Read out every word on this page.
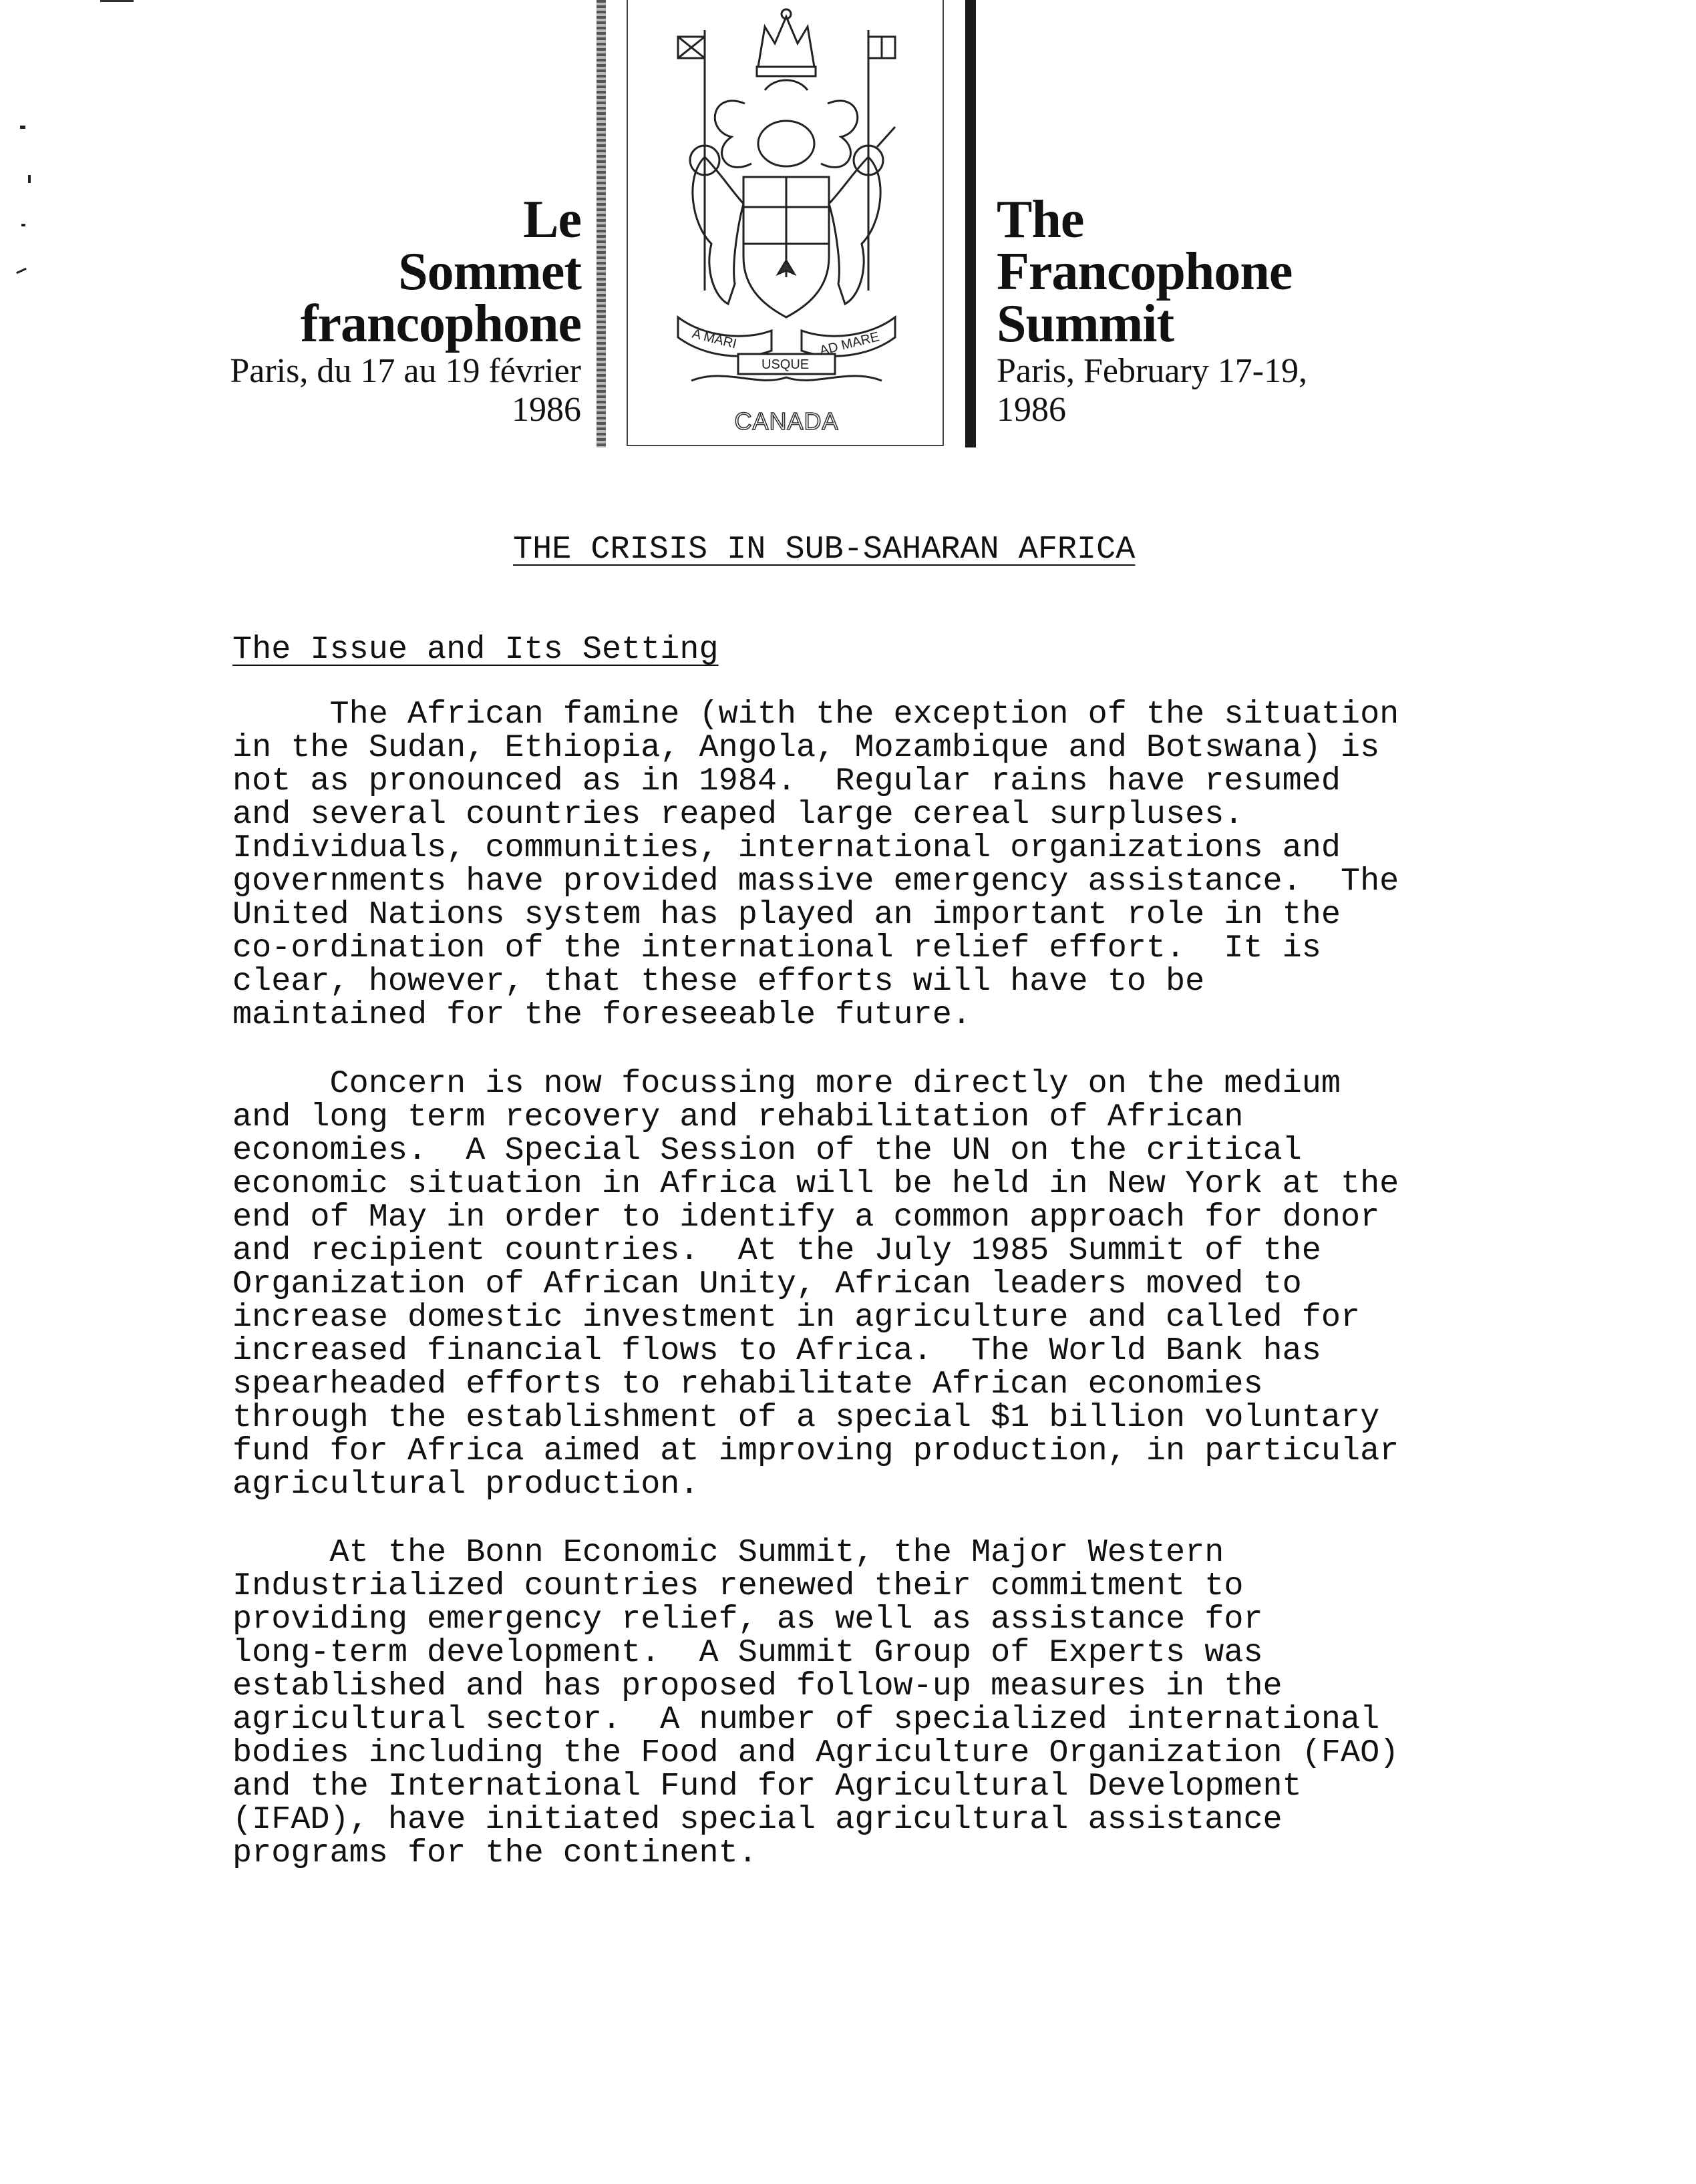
Le
Sommet
francophone
Paris, du 17 au 19 février
1986
A MARI	AD MARE
USQUE
CANADA
The
Francophone
Summit
Paris, February 17-19,
1986
THE CRISIS IN SUB-SAHARAN AFRICA
The Issue and Its Setting

The African famine (with the exception of the situation
in the Sudan, Ethiopia, Angola, Mozambique and Botswana) is
not as pronounced as in 1984.  Regular rains have resumed
and several countries reaped large cereal surpluses.
Individuals, communities, international organizations and
governments have provided massive emergency assistance.  The
United Nations system has played an important role in the
co-ordination of the international relief effort.  It is
clear, however, that these efforts will have to be
maintained for the foreseeable future.

Concern is now focussing more directly on the medium
and long term recovery and rehabilitation of African
economies.  A Special Session of the UN on the critical
economic situation in Africa will be held in New York at the
end of May in order to identify a common approach for donor
and recipient countries.  At the July 1985 Summit of the
Organization of African Unity, African leaders moved to
increase domestic investment in agriculture and called for
increased financial flows to Africa.  The World Bank has
spearheaded efforts to rehabilitate African economies
through the establishment of a special $1 billion voluntary
fund for Africa aimed at improving production, in particular
agricultural production.

At the Bonn Economic Summit, the Major Western
Industrialized countries renewed their commitment to
providing emergency relief, as well as assistance for
long-term development.  A Summit Group of Experts was
established and has proposed follow-up measures in the
agricultural sector.  A number of specialized international
bodies including the Food and Agriculture Organization (FAO)
and the International Fund for Agricultural Development
(IFAD), have initiated special agricultural assistance
programs for the continent.
